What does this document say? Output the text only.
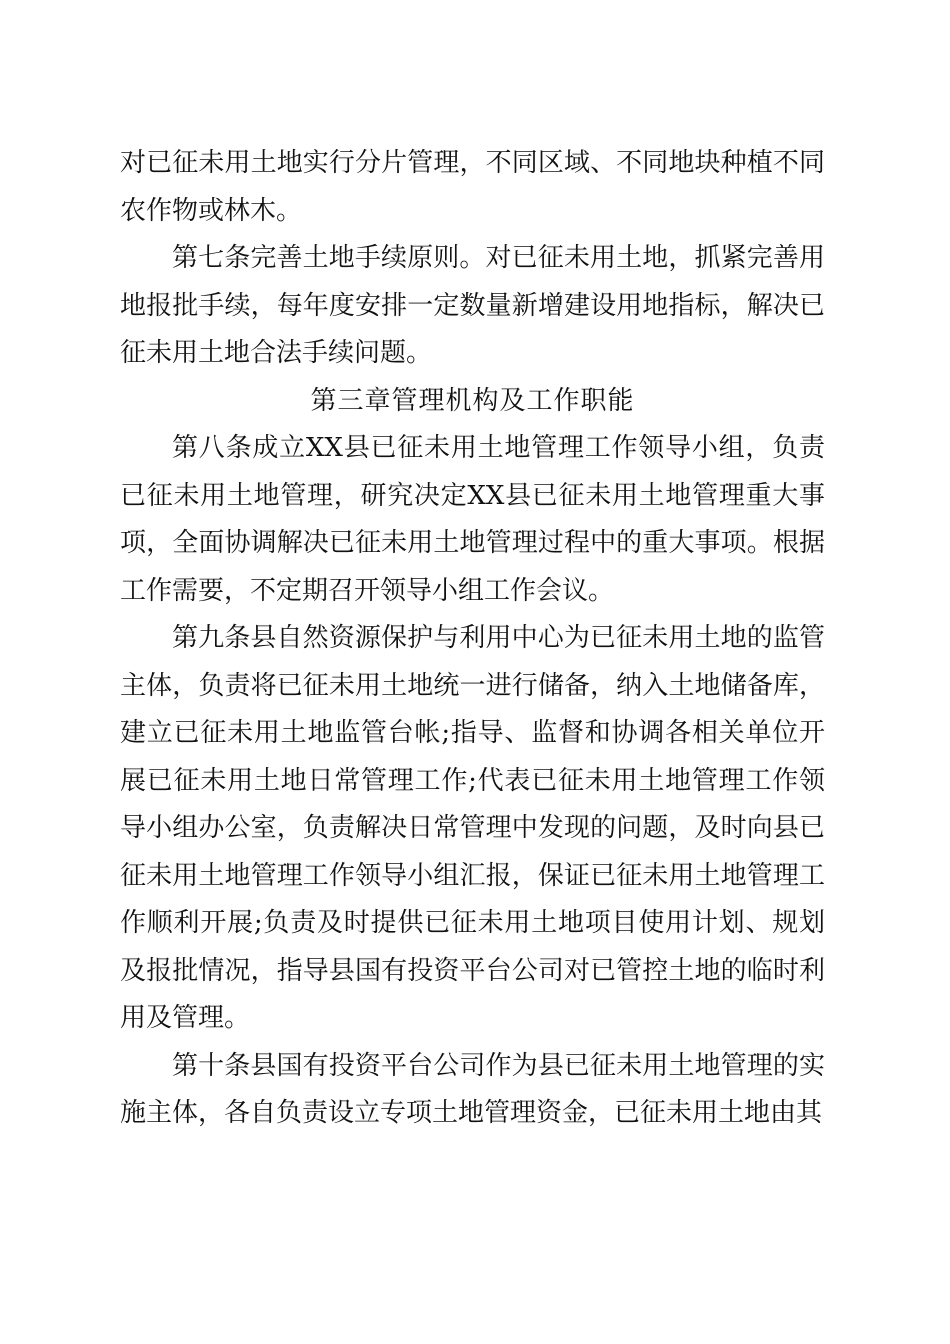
对已征未用土地实行分片管理，不同区域、不同地块种植不同农作物或林木。

第七条完善土地手续原则。对已征未用土地，抓紧完善用地报批手续，每年度安排一定数量新增建设用地指标，解决已征未用土地合法手续问题。

第三章管理机构及工作职能

第八条成立XX县已征未用土地管理工作领导小组，负责已征未用土地管理，研究决定XX县已征未用土地管理重大事项，全面协调解决已征未用土地管理过程中的重大事项。根据工作需要，不定期召开领导小组工作会议。

第九条县自然资源保护与利用中心为已征未用土地的监管主体，负责将已征未用土地统一进行储备，纳入土地储备库，建立已征未用土地监管台帐;指导、监督和协调各相关单位开展已征未用土地日常管理工作;代表已征未用土地管理工作领导小组办公室，负责解决日常管理中发现的问题，及时向县已征未用土地管理工作领导小组汇报，保证已征未用土地管理工作顺利开展;负责及时提供已征未用土地项目使用计划、规划及报批情况，指导县国有投资平台公司对已管控土地的临时利用及管理。

第十条县国有投资平台公司作为县已征未用土地管理的实施主体，各自负责设立专项土地管理资金，已征未用土地由其
